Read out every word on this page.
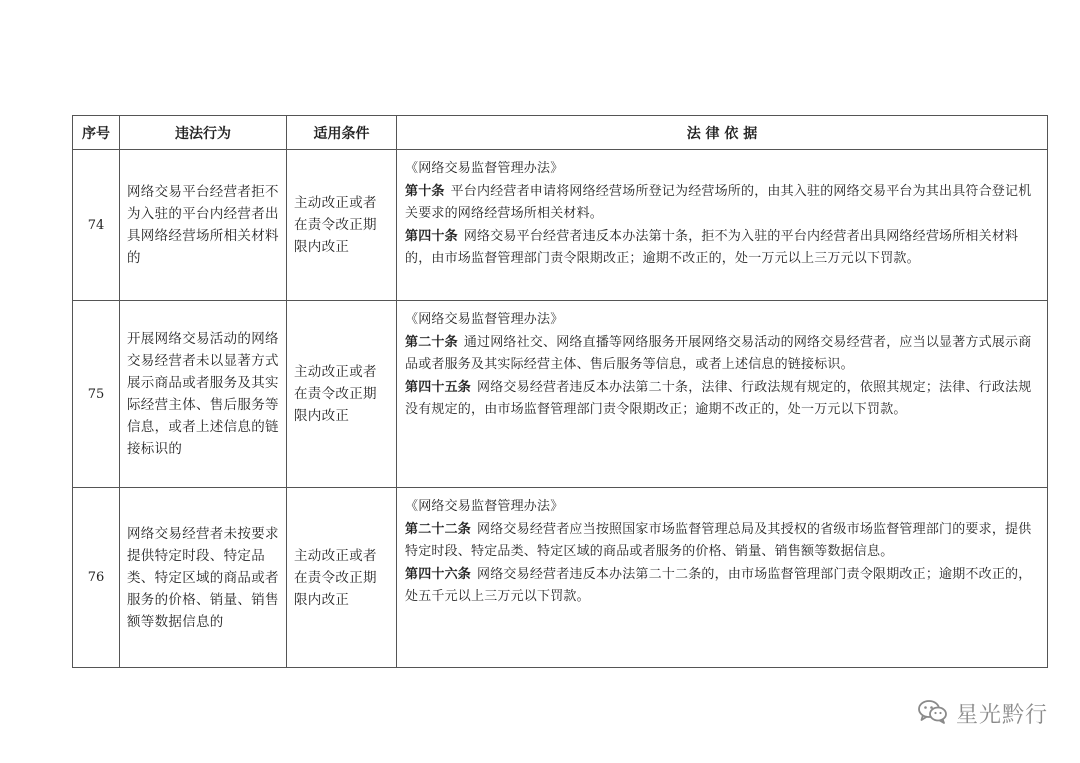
序号	违法行为	适用条件	法 律 依 据
74	网络交易平台经营者拒不为入驻的平台内经营者出具网络经营场所相关材料的	主动改正或者在责令改正期限内改正	《网络交易监督管理办法》

第十条 平台内经营者申请将网络经营场所登记为经营场所的，由其入驻的网络交易平台为其出具符合登记机关要求的网络经营场所相关材料。

第四十条 网络交易平台经营者违反本办法第十条，拒不为入驻的平台内经营者出具网络经营场所相关材料的，由市场监督管理部门责令限期改正；逾期不改正的，处一万元以上三万元以下罚款。

75	开展网络交易活动的网络交易经营者未以显著方式展示商品或者服务及其实际经营主体、售后服务等信息，或者上述信息的链接标识的	主动改正或者在责令改正期限内改正	《网络交易监督管理办法》

第二十条 通过网络社交、网络直播等网络服务开展网络交易活动的网络交易经营者，应当以显著方式展示商品或者服务及其实际经营主体、售后服务等信息，或者上述信息的链接标识。

第四十五条 网络交易经营者违反本办法第二十条，法律、行政法规有规定的，依照其规定；法律、行政法规没有规定的，由市场监督管理部门责令限期改正；逾期不改正的，处一万元以下罚款。

76	网络交易经营者未按要求提供特定时段、特定品类、特定区域的商品或者服务的价格、销量、销售额等数据信息的	主动改正或者在责令改正期限内改正	《网络交易监督管理办法》

第二十二条 网络交易经营者应当按照国家市场监督管理总局及其授权的省级市场监督管理部门的要求，提供特定时段、特定品类、特定区域的商品或者服务的价格、销量、销售额等数据信息。

第四十六条 网络交易经营者违反本办法第二十二条的，由市场监督管理部门责令限期改正；逾期不改正的，处五千元以上三万元以下罚款。

星光黔行
